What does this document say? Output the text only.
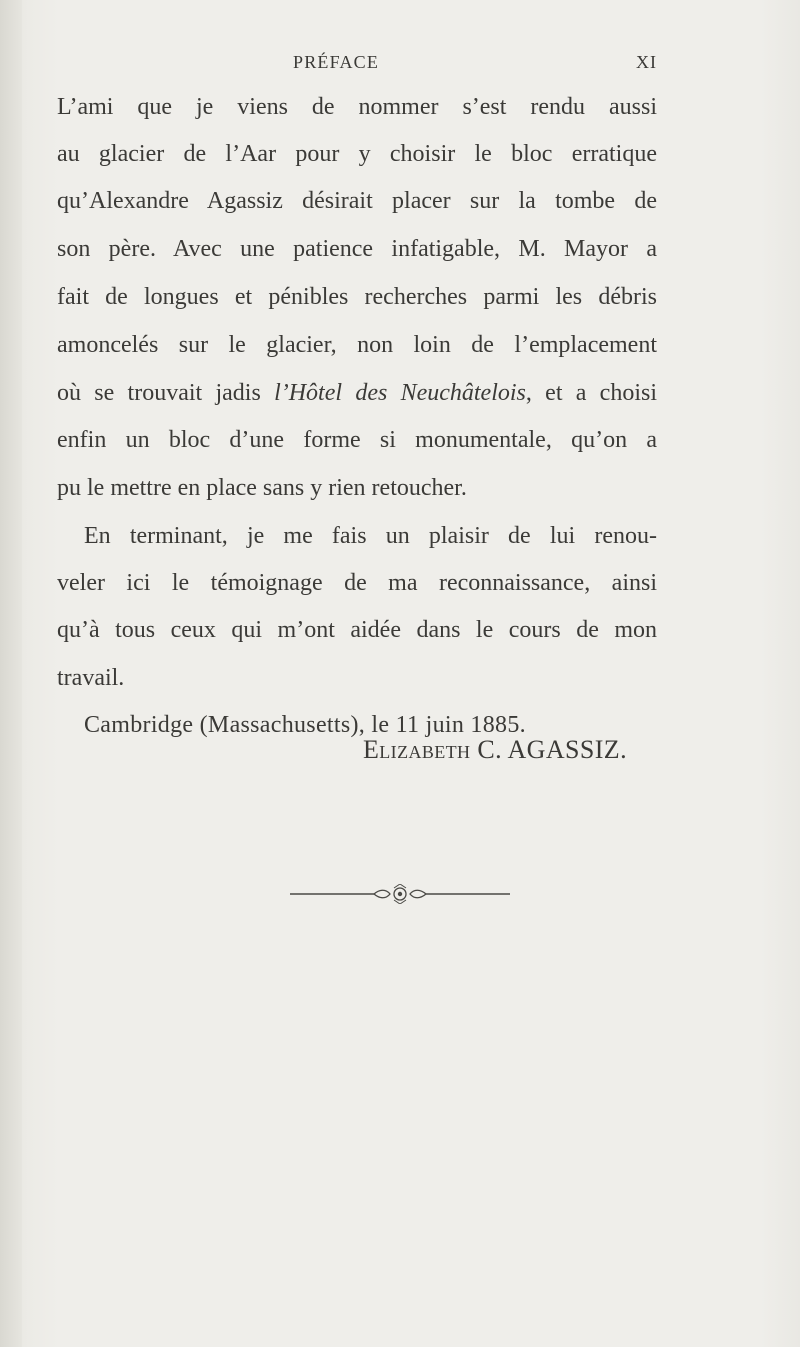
PRÉFACE	XI
L’ami que je viens de nommer s’est rendu aussi
au glacier de l’Aar pour y choisir le bloc erratique
qu’Alexandre Agassiz désirait placer sur la tombe de
son père. Avec une patience infatigable, M. Mayor a
fait de longues et pénibles recherches parmi les débris
amoncelés sur le glacier, non loin de l’emplacement
où se trouvait jadis l’Hôtel des Neuchâtelois, et a choisi
enfin un bloc d’une forme si monumentale, qu’on a
pu le mettre en place sans y rien retoucher.
En terminant, je me fais un plaisir de lui renou-
veler ici le témoignage de ma reconnaissance, ainsi
qu’à tous ceux qui m’ont aidée dans le cours de mon
travail.
Cambridge (Massachusetts), le 11 juin 1885.
Elizabeth C. AGASSIZ.
